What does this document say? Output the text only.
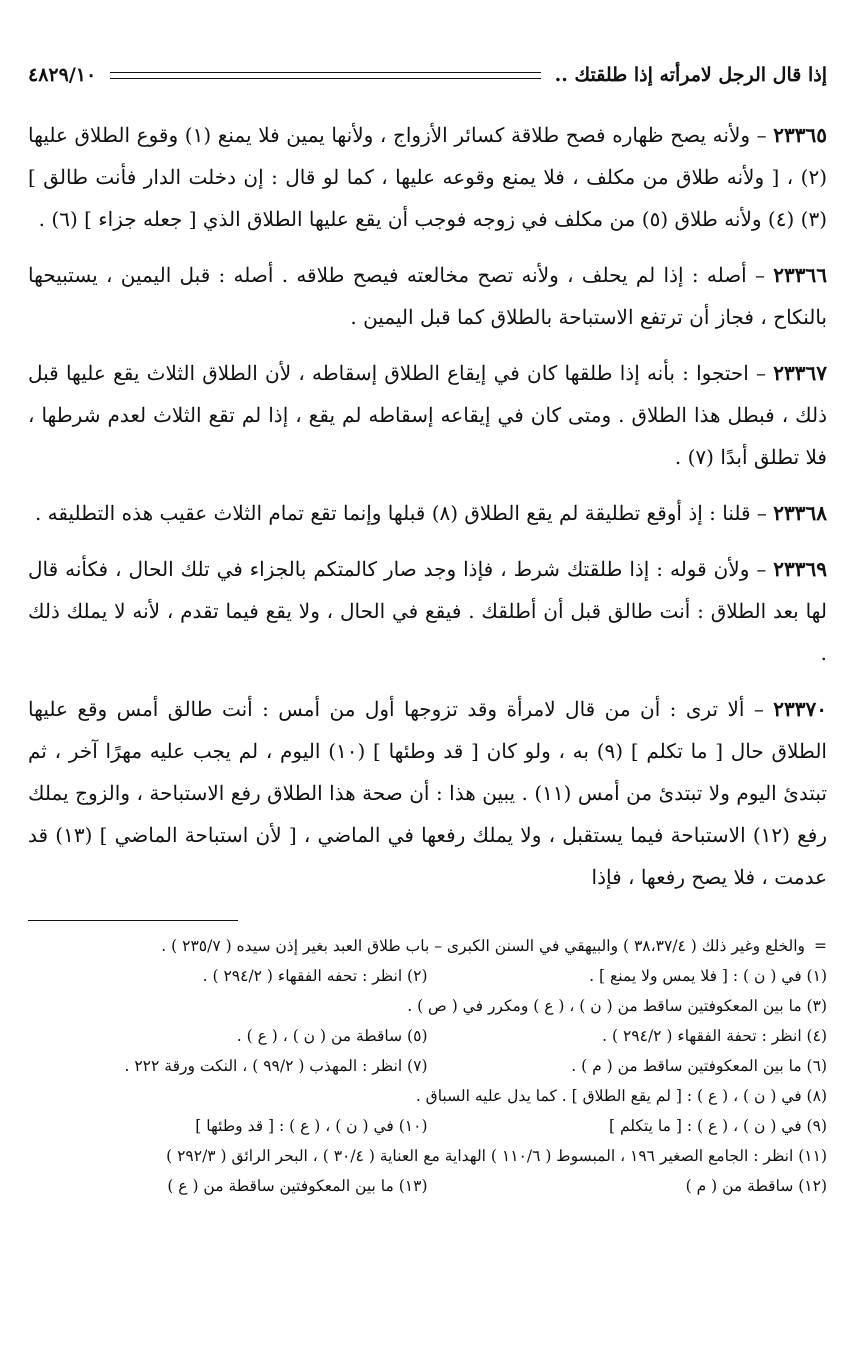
إذا قال الرجل لامرأته إذا طلقتك ..
٤٨٢٩/١٠

٢٣٣٦٥ – ولأنه يصح ظهاره فصح طلاقة كسائر الأزواج ، ولأنها يمين فلا يمنع (١) وقوع الطلاق عليها (٢) ، [ ولأنه طلاق من مكلف ، فلا يمنع وقوعه عليها ، كما لو قال : إن دخلت الدار فأنت طالق ] (٣) (٤) ولأنه طلاق (٥) من مكلف في زوجه فوجب أن يقع عليها الطلاق الذي [ جعله جزاء ] (٦) .

٢٣٣٦٦ – أصله : إذا لم يحلف ، ولأنه تصح مخالعته فيصح طلاقه . أصله : قبل اليمين ، يستبيحها بالنكاح ، فجاز أن ترتفع الاستباحة بالطلاق كما قبل اليمين .

٢٣٣٦٧ – احتجوا : بأنه إذا طلقها كان في إيقاع الطلاق إسقاطه ، لأن الطلاق الثلاث يقع عليها قبل ذلك ، فبطل هذا الطلاق . ومتى كان في إيقاعه إسقاطه لم يقع ، إذا لم تقع الثلاث لعدم شرطها ، فلا تطلق أبدًا (٧) .

٢٣٣٦٨ – قلنا : إذ أوقع تطليقة لم يقع الطلاق (٨) قبلها وإنما تقع تمام الثلاث عقيب هذه التطليقه .

٢٣٣٦٩ – ولأن قوله : إذا طلقتك شرط ، فإذا وجد صار كالمتكم بالجزاء في تلك الحال ، فكأنه قال لها بعد الطلاق : أنت طالق قبل أن أطلقك . فيقع في الحال ، ولا يقع فيما تقدم ، لأنه لا يملك ذلك .

٢٣٣٧٠ – ألا ترى : أن من قال لامرأة وقد تزوجها أول من أمس : أنت طالق أمس وقع عليها الطلاق حال [ ما تكلم ] (٩) به ، ولو كان [ قد وطئها ] (١٠) اليوم ، لم يجب عليه مهرًا آخر ، ثم تبتدئ اليوم ولا تبتدئ من أمس (١١) . يبين هذا : أن صحة هذا الطلاق رفع الاستباحة ، والزوج يملك رفع (١٢) الاستباحة فيما يستقبل ، ولا يملك رفعها في الماضي ، [ لأن استباحة الماضي ] (١٣) قد عدمت ، فلا يصح رفعها ، فإذا

=
والخلع وغير ذلك ( ٣٨،٣٧/٤ ) والبيهقي في السنن الكبرى – باب طلاق العبد بغير إذن سيده ( ٢٣٥/٧ ) .
(١) في ( ن ) : [ فلا يمس ولا يمنع ] .
(٢) انظر : تحفه الفقهاء ( ٢٩٤/٢ ) .
(٣) ما بين المعكوفتين ساقط من ( ن ) ، ( ع ) ومكرر في ( ص ) .
(٤) انظر : تحفة الفقهاء ( ٢٩٤/٢ ) .
(٥) ساقطة من ( ن ) ، ( ع ) .
(٦) ما بين المعكوفتين ساقط من ( م ) .
(٧) انظر : المهذب ( ٩٩/٢ ) ، النكت ورقة ٢٢٢ .
(٨) في ( ن ) ، ( ع ) : [ لم يقع الطلاق ] . كما يدل عليه السباق .
(٩) في ( ن ) ، ( ع ) : [ ما يتكلم ]
(١٠) في ( ن ) ، ( ع ) : [ قد وطئها ]
(١١) انظر : الجامع الصغير ١٩٦ ، المبسوط ( ١١٠/٦ ) الهداية مع العناية ( ٣٠/٤ ) ، البحر الرائق ( ٢٩٢/٣ )
(١٢) ساقطة من ( م )
(١٣) ما بين المعكوفتين ساقطة من ( ع )
